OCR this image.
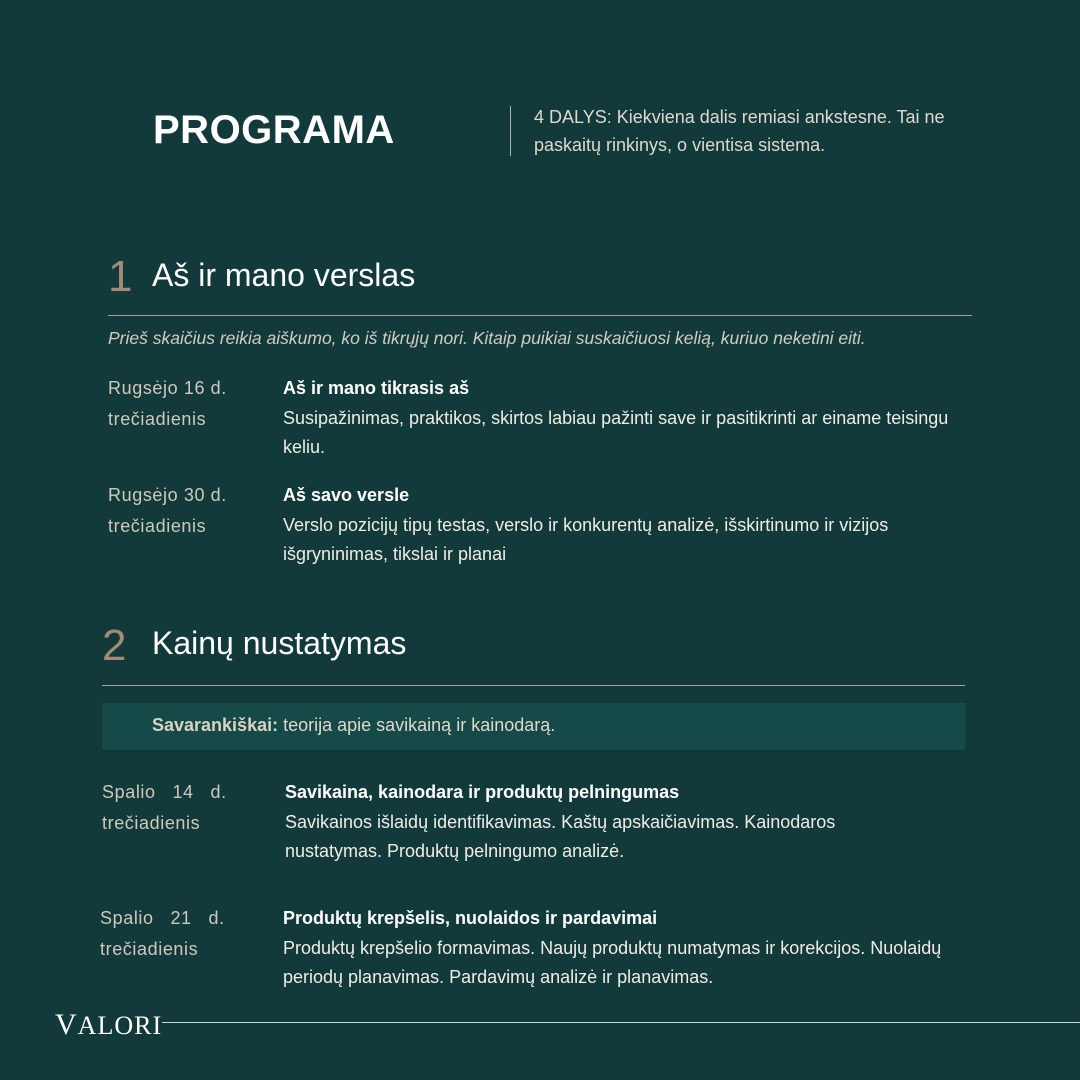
PROGRAMA	4 DALYS: Kiekviena dalis remiasi ankstesne. Tai ne paskaitų rinkinys, o vientisa sistema.
1 Aš ir mano verslas
Prieš skaičius reikia aiškumo, ko iš tikrųjų nori. Kitaip puikiai suskaičiuosi kelią, kuriuo neketini eiti.
Rugsėjo 16 d.
trečiadienis
Aš ir mano tikrasis aš
Susipažinimas, praktikos, skirtos labiau pažinti save ir pasitikrinti ar einame teisingu keliu.
Rugsėjo 30 d.
trečiadienis
Aš savo versle
Verslo pozicijų tipų testas, verslo ir konkurentų analizė, išskirtinumo ir vizijos išgryninimas, tikslai ir planai
2 Kainų nustatymas
Savarankiškai: teorija apie savikainą ir kainodarą.
Spalio   14   d.
trečiadienis
Savikaina, kainodara ir produktų pelningumas
Savikainos išlaidų identifikavimas. Kaštų apskaičiavimas. Kainodaros nustatymas. Produktų pelningumo analizė.
Spalio   21   d.
trečiadienis
Produktų krepšelis, nuolaidos ir pardavimai
Produktų krepšelio formavimas. Naujų produktų numatymas ir korekcijos. Nuolaidų periodų planavimas. Pardavimų analizė ir planavimas.
VALORI
